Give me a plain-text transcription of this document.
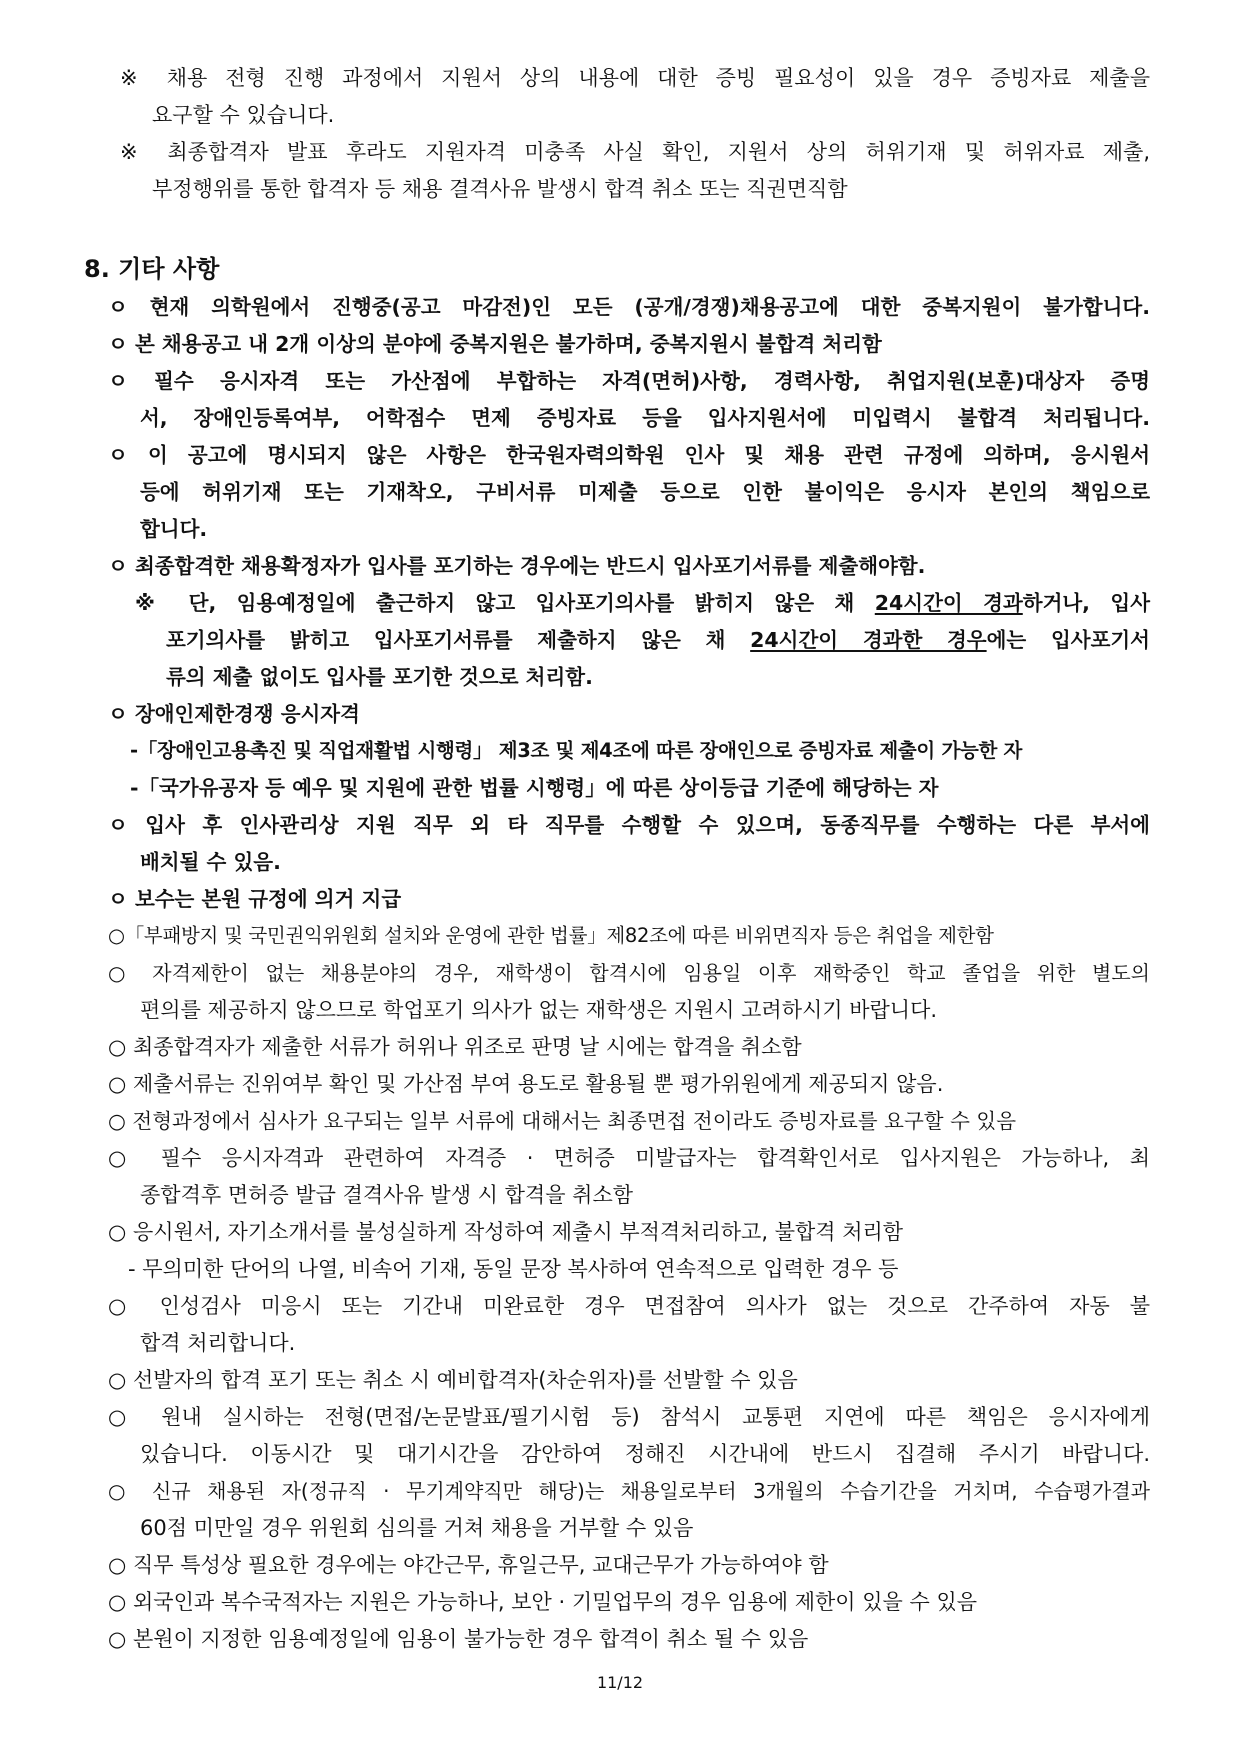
※ 채용 전형 진행 과정에서 지원서 상의 내용에 대한 증빙 필요성이 있을 경우 증빙자료 제출을
요구할 수 있습니다.
※ 최종합격자 발표 후라도 지원자격 미충족 사실 확인, 지원서 상의 허위기재 및 허위자료 제출,
부정행위를 통한 합격자 등 채용 결격사유 발생시 합격 취소 또는 직권면직함
8. 기타 사항
ㅇ 현재 의학원에서 진행중(공고 마감전)인 모든 (공개/경쟁)채용공고에 대한 중복지원이 불가합니다.
ㅇ 본 채용공고 내 2개 이상의 분야에 중복지원은 불가하며, 중복지원시 불합격 처리함
ㅇ 필수 응시자격 또는 가산점에 부합하는 자격(면허)사항, 경력사항, 취업지원(보훈)대상자 증명
서, 장애인등록여부, 어학점수 면제 증빙자료 등을 입사지원서에 미입력시 불합격 처리됩니다.
ㅇ 이 공고에 명시되지 않은 사항은 한국원자력의학원 인사 및 채용 관련 규정에 의하며, 응시원서
등에 허위기재 또는 기재착오, 구비서류 미제출 등으로 인한 불이익은 응시자 본인의 책임으로
합니다.
ㅇ 최종합격한 채용확정자가 입사를 포기하는 경우에는 반드시 입사포기서류를 제출해야함.
※ 단, 임용예정일에 출근하지 않고 입사포기의사를 밝히지 않은 채 24시간이 경과하거나, 입사
포기의사를 밝히고 입사포기서류를 제출하지 않은 채 24시간이 경과한 경우에는 입사포기서
류의 제출 없이도 입사를 포기한 것으로 처리함.
ㅇ 장애인제한경쟁 응시자격
-「장애인고용촉진 및 직업재활법 시행령」 제3조 및 제4조에 따른 장애인으로 증빙자료 제출이 가능한 자
-「국가유공자 등 예우 및 지원에 관한 법률 시행령」에 따른 상이등급 기준에 해당하는 자
ㅇ 입사 후 인사관리상 지원 직무 외 타 직무를 수행할 수 있으며, 동종직무를 수행하는 다른 부서에
배치될 수 있음.
ㅇ 보수는 본원 규정에 의거 지급
○「부패방지 및 국민권익위원회 설치와 운영에 관한 법률」제82조에 따른 비위면직자 등은 취업을 제한함
○ 자격제한이 없는 채용분야의 경우, 재학생이 합격시에 임용일 이후 재학중인 학교 졸업을 위한 별도의
편의를 제공하지 않으므로 학업포기 의사가 없는 재학생은 지원시 고려하시기 바랍니다.
○ 최종합격자가 제출한 서류가 허위나 위조로 판명 날 시에는 합격을 취소함
○ 제출서류는 진위여부 확인 및 가산점 부여 용도로 활용될 뿐 평가위원에게 제공되지 않음.
○ 전형과정에서 심사가 요구되는 일부 서류에 대해서는 최종면접 전이라도 증빙자료를 요구할 수 있음
○ 필수 응시자격과 관련하여 자격증 · 면허증 미발급자는 합격확인서로 입사지원은 가능하나, 최
종합격후 면허증 발급 결격사유 발생 시 합격을 취소함
○ 응시원서, 자기소개서를 불성실하게 작성하여 제출시 부적격처리하고, 불합격 처리함
- 무의미한 단어의 나열, 비속어 기재, 동일 문장 복사하여 연속적으로 입력한 경우 등
○ 인성검사 미응시 또는 기간내 미완료한 경우 면접참여 의사가 없는 것으로 간주하여 자동 불
합격 처리합니다.
○ 선발자의 합격 포기 또는 취소 시 예비합격자(차순위자)를 선발할 수 있음
○ 원내 실시하는 전형(면접/논문발표/필기시험 등) 참석시 교통편 지연에 따른 책임은 응시자에게
있습니다. 이동시간 및 대기시간을 감안하여 정해진 시간내에 반드시 집결해 주시기 바랍니다.
○ 신규 채용된 자(정규직 · 무기계약직만 해당)는 채용일로부터 3개월의 수습기간을 거치며, 수습평가결과
60점 미만일 경우 위원회 심의를 거쳐 채용을 거부할 수 있음
○ 직무 특성상 필요한 경우에는 야간근무, 휴일근무, 교대근무가 가능하여야 함
○ 외국인과 복수국적자는 지원은 가능하나, 보안 · 기밀업무의 경우 임용에 제한이 있을 수 있음
○ 본원이 지정한 임용예정일에 임용이 불가능한 경우 합격이 취소 될 수 있음
11/12
